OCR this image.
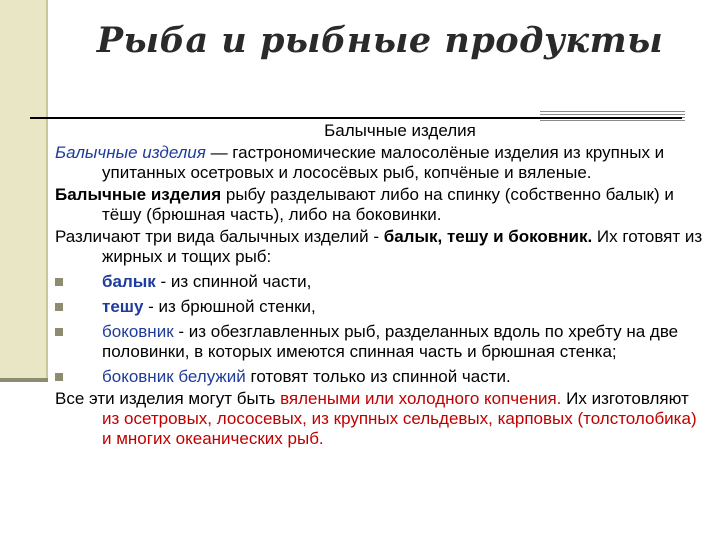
Рыба и рыбные продукты

Балычные изделия

Балычные изделия — гастрономические малосолёные изделия из крупных и упитанных осетровых и лососёвых рыб, копчёные и вяленые.

Балычные изделия рыбу разделывают либо на спинку (собственно балык) и тёшу (брюшная часть), либо на боковинки.

Различают три вида балычных изделий - балык, тешу и боковник. Их готовят из жирных и тощих рыб:

балык - из спинной части,
тешу - из брюшной стенки,
боковник - из обезглавленных рыб, разделанных вдоль по хребту на две половинки, в которых имеются спинная часть и брюшная стенка;
боковник белужий готовят только из спинной части.

Все эти изделия могут быть вялеными или холодного копчения. Их изготовляют из осетровых, лососевых, из крупных сельдевых, карповых (толстолобика) и многих океанических рыб.
